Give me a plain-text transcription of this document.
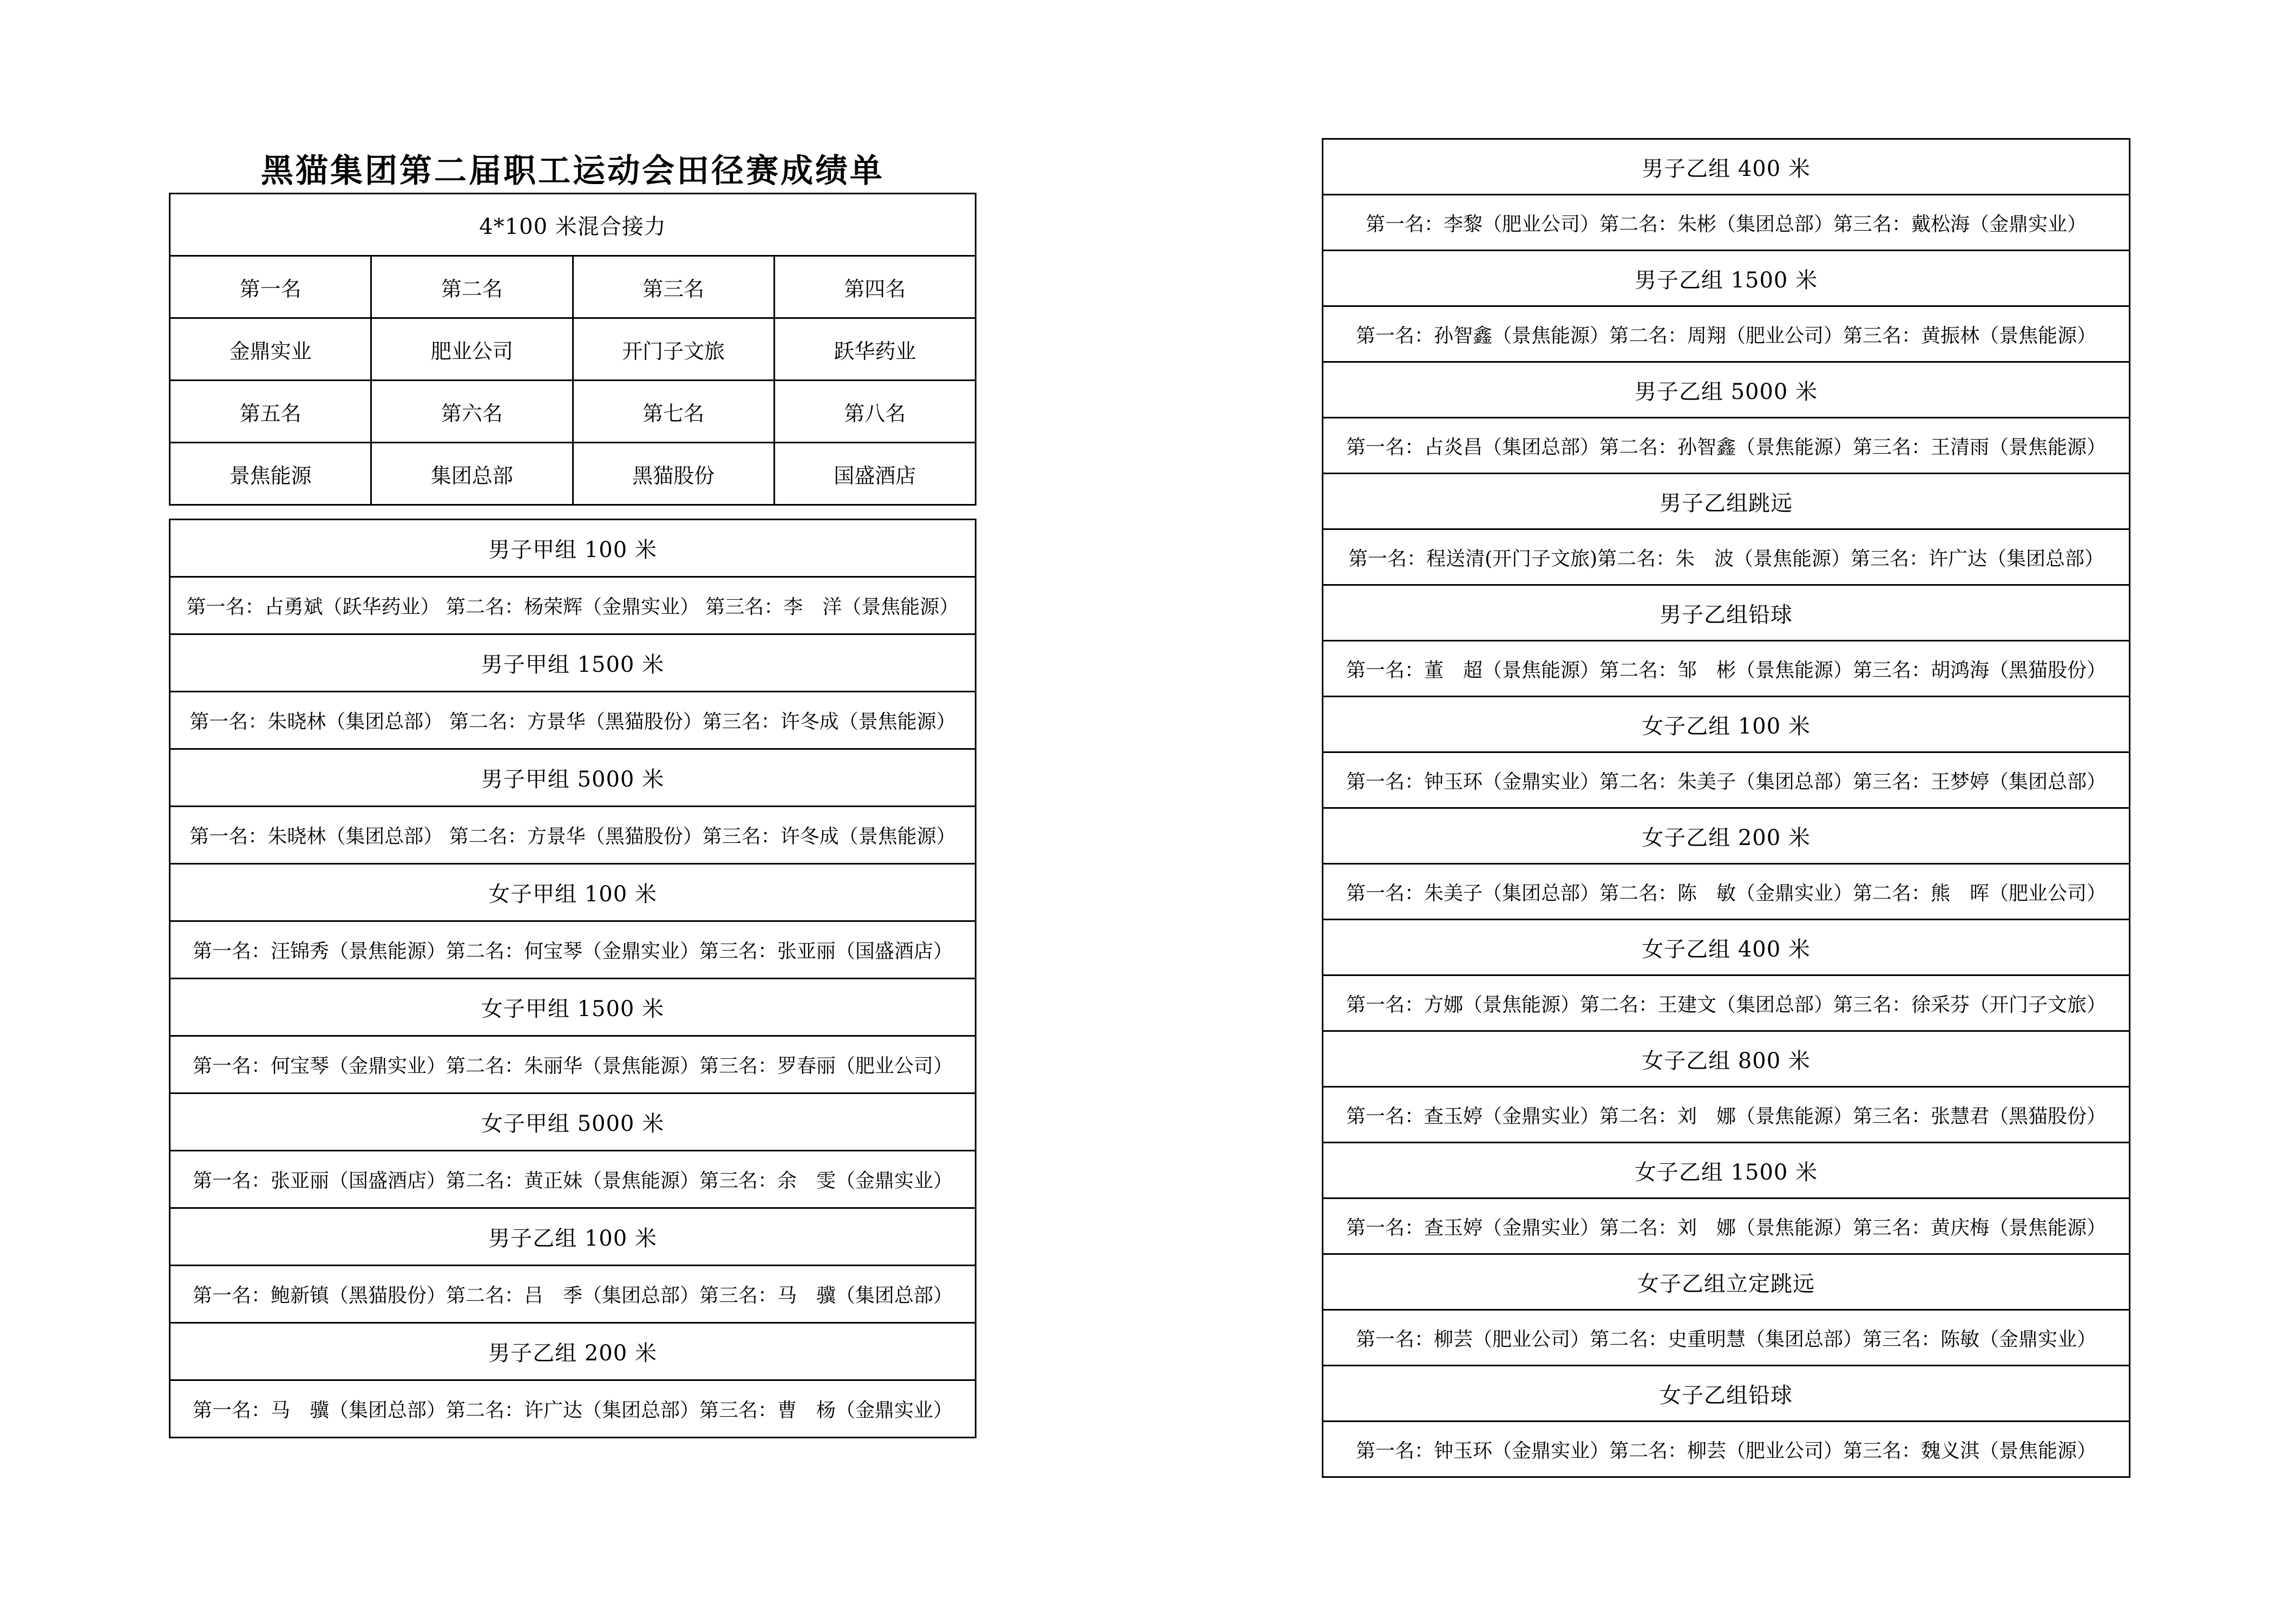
黑猫集团第二届职工运动会田径赛成绩单
4*100 米混合接力			
第一名	第二名	第三名	第四名
金鼎实业	肥业公司	开门子文旅	跃华药业
第五名	第六名	第七名	第八名
景焦能源	集团总部	黑猫股份	国盛酒店
男子甲组 100 米
第一名：占勇斌（跃华药业） 第二名：杨荣辉（金鼎实业） 第三名：李　洋（景焦能源）
男子甲组 1500 米
第一名：朱晓林（集团总部） 第二名：方景华（黑猫股份）第三名：许冬成（景焦能源）
男子甲组 5000 米
第一名：朱晓林（集团总部） 第二名：方景华（黑猫股份）第三名：许冬成（景焦能源）
女子甲组 100 米
第一名：汪锦秀（景焦能源）第二名：何宝琴（金鼎实业）第三名：张亚丽（国盛酒店）
女子甲组 1500 米
第一名：何宝琴（金鼎实业）第二名：朱丽华（景焦能源）第三名：罗春丽（肥业公司）
女子甲组 5000 米
第一名：张亚丽（国盛酒店）第二名：黄正妹（景焦能源）第三名：余　雯（金鼎实业）
男子乙组 100 米
第一名：鲍新镇（黑猫股份）第二名：吕　季（集团总部）第三名：马　骥（集团总部）
男子乙组 200 米
第一名：马　骥（集团总部）第二名：许广达（集团总部）第三名：曹　杨（金鼎实业）
男子乙组 400 米
第一名：李黎（肥业公司）第二名：朱彬（集团总部）第三名：戴松海（金鼎实业）
男子乙组 1500 米
第一名：孙智鑫（景焦能源）第二名：周翔（肥业公司）第三名：黄振林（景焦能源）
男子乙组 5000 米
第一名：占炎昌（集团总部）第二名：孙智鑫（景焦能源）第三名：王清雨（景焦能源）
男子乙组跳远
第一名：程送清(开门子文旅)第二名：朱　波（景焦能源）第三名：许广达（集团总部）
男子乙组铅球
第一名：董　超（景焦能源）第二名：邹　彬（景焦能源）第三名：胡鸿海（黑猫股份）
女子乙组 100 米
第一名：钟玉环（金鼎实业）第二名：朱美子（集团总部）第三名：王梦婷（集团总部）
女子乙组 200 米
第一名：朱美子（集团总部）第二名：陈　敏（金鼎实业）第二名：熊　晖（肥业公司）
女子乙组 400 米
第一名：方娜（景焦能源）第二名：王建文（集团总部）第三名：徐采芬（开门子文旅）
女子乙组 800 米
第一名：查玉婷（金鼎实业）第二名：刘　娜（景焦能源）第三名：张慧君（黑猫股份）
女子乙组 1500 米
第一名：查玉婷（金鼎实业）第二名：刘　娜（景焦能源）第三名：黄庆梅（景焦能源）
女子乙组立定跳远
第一名：柳芸（肥业公司）第二名：史重明慧（集团总部）第三名：陈敏（金鼎实业）
女子乙组铅球
第一名：钟玉环（金鼎实业）第二名：柳芸（肥业公司）第三名：魏义淇（景焦能源）
